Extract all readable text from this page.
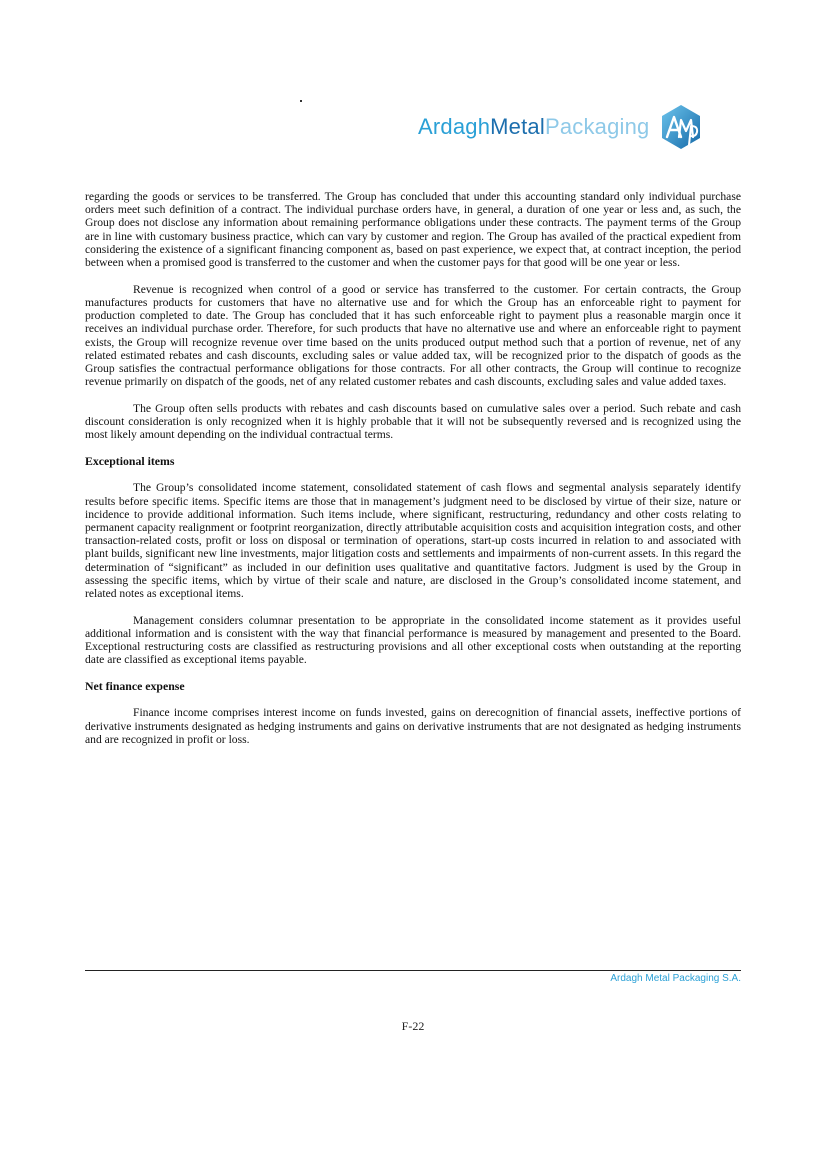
ArdaghMetalPackaging

regarding the goods or services to be transferred. The Group has concluded that under this accounting standard only individual purchase orders meet such definition of a contract. The individual purchase orders have, in general, a duration of one year or less and, as such, the Group does not disclose any information about remaining performance obligations under these contracts. The payment terms of the Group are in line with customary business practice, which can vary by customer and region. The Group has availed of the practical expedient from considering the existence of a significant financing component as, based on past experience, we expect that, at contract inception, the period between when a promised good is transferred to the customer and when the customer pays for that good will be one year or less.

Revenue is recognized when control of a good or service has transferred to the customer. For certain contracts, the Group manufactures products for customers that have no alternative use and for which the Group has an enforceable right to payment for production completed to date. The Group has concluded that it has such enforceable right to payment plus a reasonable margin once it receives an individual purchase order. Therefore, for such products that have no alternative use and where an enforceable right to payment exists, the Group will recognize revenue over time based on the units produced output method such that a portion of revenue, net of any related estimated rebates and cash discounts, excluding sales or value added tax, will be recognized prior to the dispatch of goods as the Group satisfies the contractual performance obligations for those contracts. For all other contracts, the Group will continue to recognize revenue primarily on dispatch of the goods, net of any related customer rebates and cash discounts, excluding sales and value added taxes.

The Group often sells products with rebates and cash discounts based on cumulative sales over a period. Such rebate and cash discount consideration is only recognized when it is highly probable that it will not be subsequently reversed and is recognized using the most likely amount depending on the individual contractual terms.

Exceptional items

The Group’s consolidated income statement, consolidated statement of cash flows and segmental analysis separately identify results before specific items. Specific items are those that in management’s judgment need to be disclosed by virtue of their size, nature or incidence to provide additional information. Such items include, where significant, restructuring, redundancy and other costs relating to permanent capacity realignment or footprint reorganization, directly attributable acquisition costs and acquisition integration costs, and other transaction-related costs, profit or loss on disposal or termination of operations, start-up costs incurred in relation to and associated with plant builds, significant new line investments, major litigation costs and settlements and impairments of non-current assets. In this regard the determination of “significant” as included in our definition uses qualitative and quantitative factors. Judgment is used by the Group in assessing the specific items, which by virtue of their scale and nature, are disclosed in the Group’s consolidated income statement, and related notes as exceptional items.

Management considers columnar presentation to be appropriate in the consolidated income statement as it provides useful additional information and is consistent with the way that financial performance is measured by management and presented to the Board. Exceptional restructuring costs are classified as restructuring provisions and all other exceptional costs when outstanding at the reporting date are classified as exceptional items payable.

Net finance expense

Finance income comprises interest income on funds invested, gains on derecognition of financial assets, ineffective portions of derivative instruments designated as hedging instruments and gains on derivative instruments that are not designated as hedging instruments and are recognized in profit or loss.

Ardagh Metal Packaging S.A.
F-22
